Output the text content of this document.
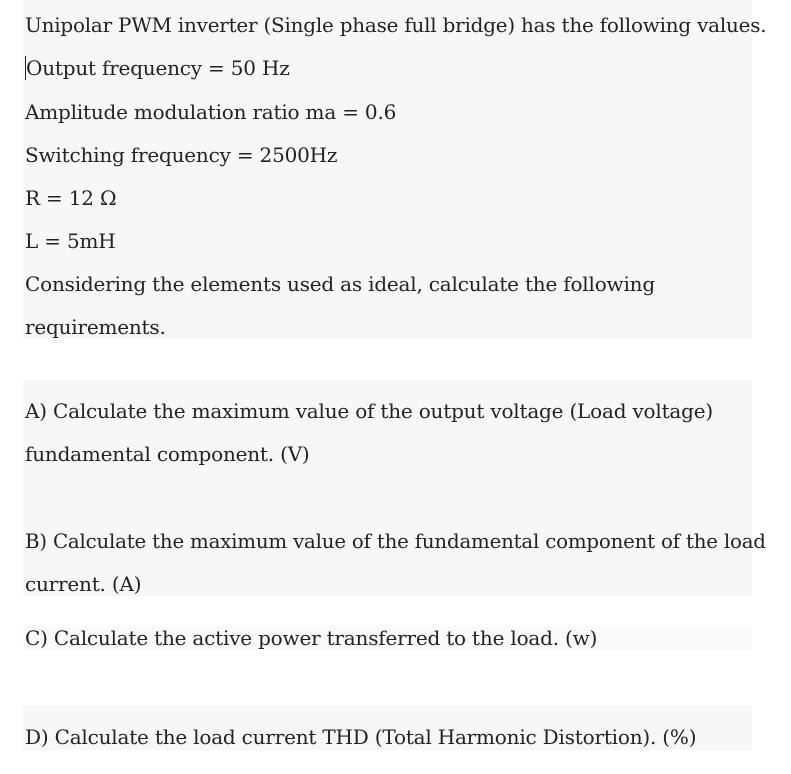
Unipolar PWM inverter (Single phase full bridge) has the following values.
Output frequency = 50 Hz
Amplitude modulation ratio ma = 0.6
Switching frequency = 2500Hz
R = 12 Ω
L = 5mH
Considering the elements used as ideal, calculate the following
requirements.
A) Calculate the maximum value of the output voltage (Load voltage)
fundamental component. (V)
B) Calculate the maximum value of the fundamental component of the load
current. (A)
C) Calculate the active power transferred to the load. (w)
D) Calculate the load current THD (Total Harmonic Distortion). (%)
